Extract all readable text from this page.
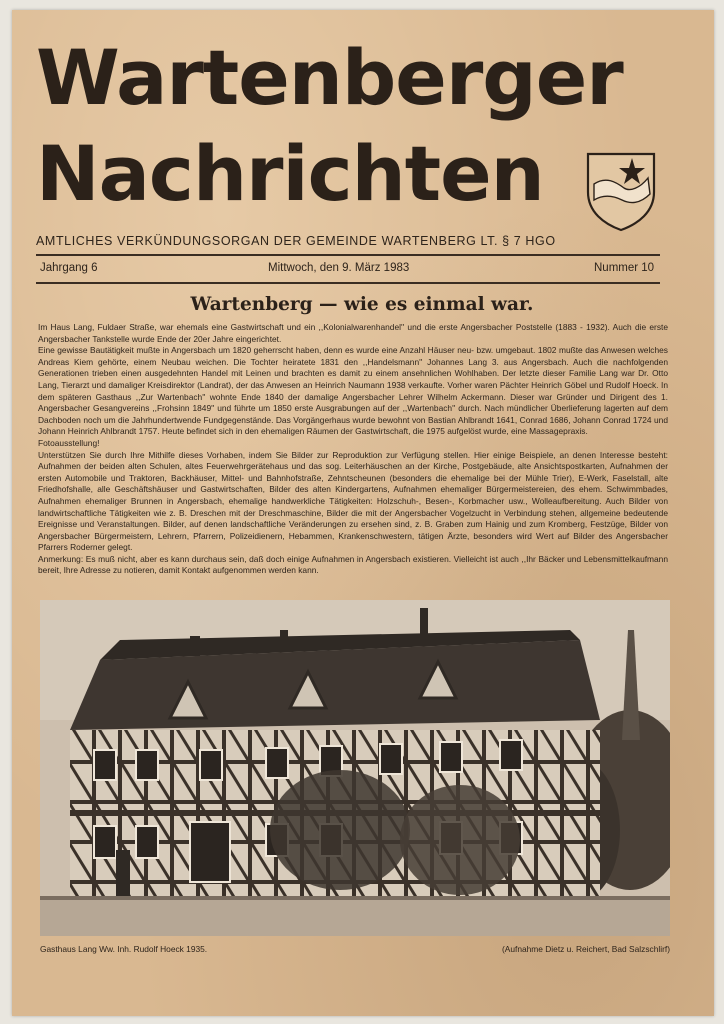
Wartenberger
Nachrichten
AMTLICHES VERKÜNDUNGSORGAN DER GEMEINDE WARTENBERG LT. § 7 HGO
Jahrgang 6	Mittwoch, den 9. März 1983	Nummer 10
Wartenberg — wie es einmal war.

Im Haus Lang, Fuldaer Straße, war ehemals eine Gastwirtschaft und ein ,,Kolonialwarenhandel'' und die erste Angersbacher Poststelle (1883 - 1932). Auch die erste Angersbacher Tankstelle wurde Ende der 20er Jahre eingerichtet.

Eine gewisse Bautätigkeit mußte in Angersbach um 1820 geherrscht haben, denn es wurde eine Anzahl Häuser neu- bzw. umgebaut. 1802 mußte das Anwesen welches Andreas Kiem gehörte, einem Neubau weichen. Die Tochter heiratete 1831 den ,,Handelsmann'' Johannes Lang 3. aus Angersbach. Auch die nachfolgenden Generationen trieben einen ausgedehnten Handel mit Leinen und brachten es damit zu einem ansehnlichen Wohlhaben. Der letzte dieser Familie Lang war Dr. Otto Lang, Tierarzt und damaliger Kreisdirektor (Landrat), der das Anwesen an Heinrich Naumann 1938 verkaufte. Vorher waren Pächter Heinrich Göbel und Rudolf Hoeck. In dem späteren Gasthaus ,,Zur Wartenbach'' wohnte Ende 1840 der damalige Angersbacher Lehrer Wilhelm Ackermann. Dieser war Gründer und Dirigent des 1. Angersbacher Gesangvereins ,,Frohsinn 1849'' und führte um 1850 erste Ausgrabungen auf der ,,Wartenbach'' durch. Nach mündlicher Überlieferung lagerten auf dem Dachboden noch um die Jahrhundertwende Fundgegenstände. Das Vorgängerhaus wurde bewohnt von Bastian Ahlbrandt 1641, Conrad 1686, Johann Conrad 1724 und Johann Heinrich Ahlbrandt 1757. Heute befindet sich in den ehemaligen Räumen der Gastwirtschaft, die 1975 aufgelöst wurde, eine Massagepraxis.

Fotoausstellung!

Unterstützen Sie durch Ihre Mithilfe dieses Vorhaben, indem Sie Bilder zur Reproduktion zur Verfügung stellen. Hier einige Beispiele, an denen Interesse besteht: Aufnahmen der beiden alten Schulen, altes Feuerwehrgerätehaus und das sog. Leiterhäuschen an der Kirche, Postgebäude, alte Ansichtspostkarten, Aufnahmen der ersten Automobile und Traktoren, Backhäuser, Mittel- und Bahnhofstraße, Zehntscheunen (besonders die ehemalige bei der Mühle Trier), E-Werk, Faselstall, alte Friedhofshalle, alle Geschäftshäuser und Gastwirtschaften, Bilder des alten Kindergartens, Aufnahmen ehemaliger Bürgermeistereien, des ehem. Schwimmbades, Aufnahmen ehemaliger Brunnen in Angersbach, ehemalige handwerkliche Tätigkeiten: Holzschuh-, Besen-, Korbmacher usw., Wolleaufbereitung. Auch Bilder von landwirtschaftliche Tätigkeiten wie z. B. Dreschen mit der Dreschmaschine, Bilder die mit der Angersbacher Vogelzucht in Verbindung stehen, allgemeine bedeutende Ereignisse und Veranstaltungen. Bilder, auf denen landschaftliche Veränderungen zu ersehen sind, z. B. Graben zum Hainig und zum Kromberg, Festzüge, Bilder von Angersbacher Bürgermeistern, Lehrern, Pfarrern, Polizeidienern, Hebammen, Krankenschwestern, tätigen Ärzte, besonders wird Wert auf Bilder des Angersbacher Pfarrers Roderner gelegt.

Anmerkung: Es muß nicht, aber es kann durchaus sein, daß doch einige Aufnahmen in Angersbach existieren. Vielleicht ist auch ,,Ihr Bäcker und Lebensmittelkaufmann bereit, Ihre Adresse zu notieren, damit Kontakt aufgenommen werden kann.

Gasthaus Lang Ww. Inh. Rudolf Hoeck 1935.	(Aufnahme Dietz u. Reichert, Bad Salzschlirf)
